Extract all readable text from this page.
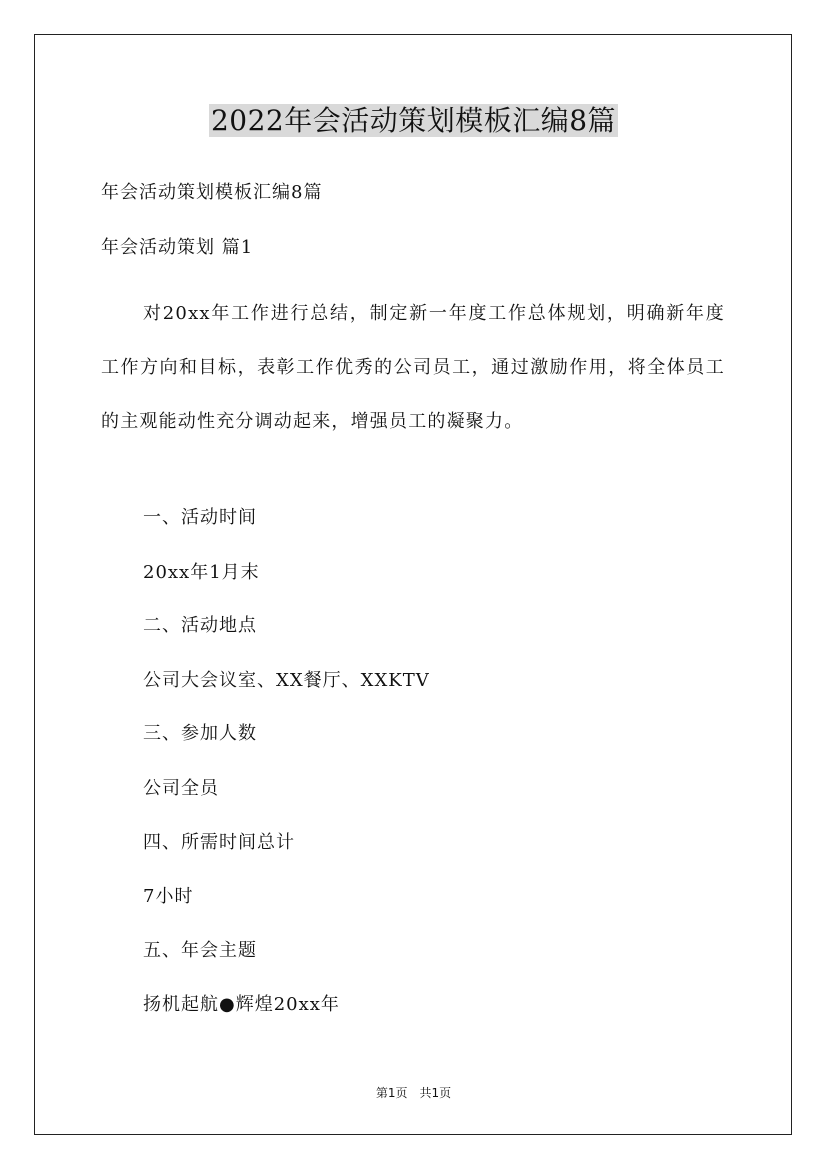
2022年会活动策划模板汇编8篇
年会活动策划模板汇编8篇
年会活动策划 篇1
对20xx年工作进行总结，制定新一年度工作总体规划，明确新年度工作方向和目标，表彰工作优秀的公司员工，通过激励作用，将全体员工的主观能动性充分调动起来，增强员工的凝聚力。
一、活动时间
20xx年1月末
二、活动地点
公司大会议室、XX餐厅、XXKTV
三、参加人数
公司全员
四、所需时间总计
7小时
五、年会主题
扬机起航●辉煌20xx年
第1页　共1页
